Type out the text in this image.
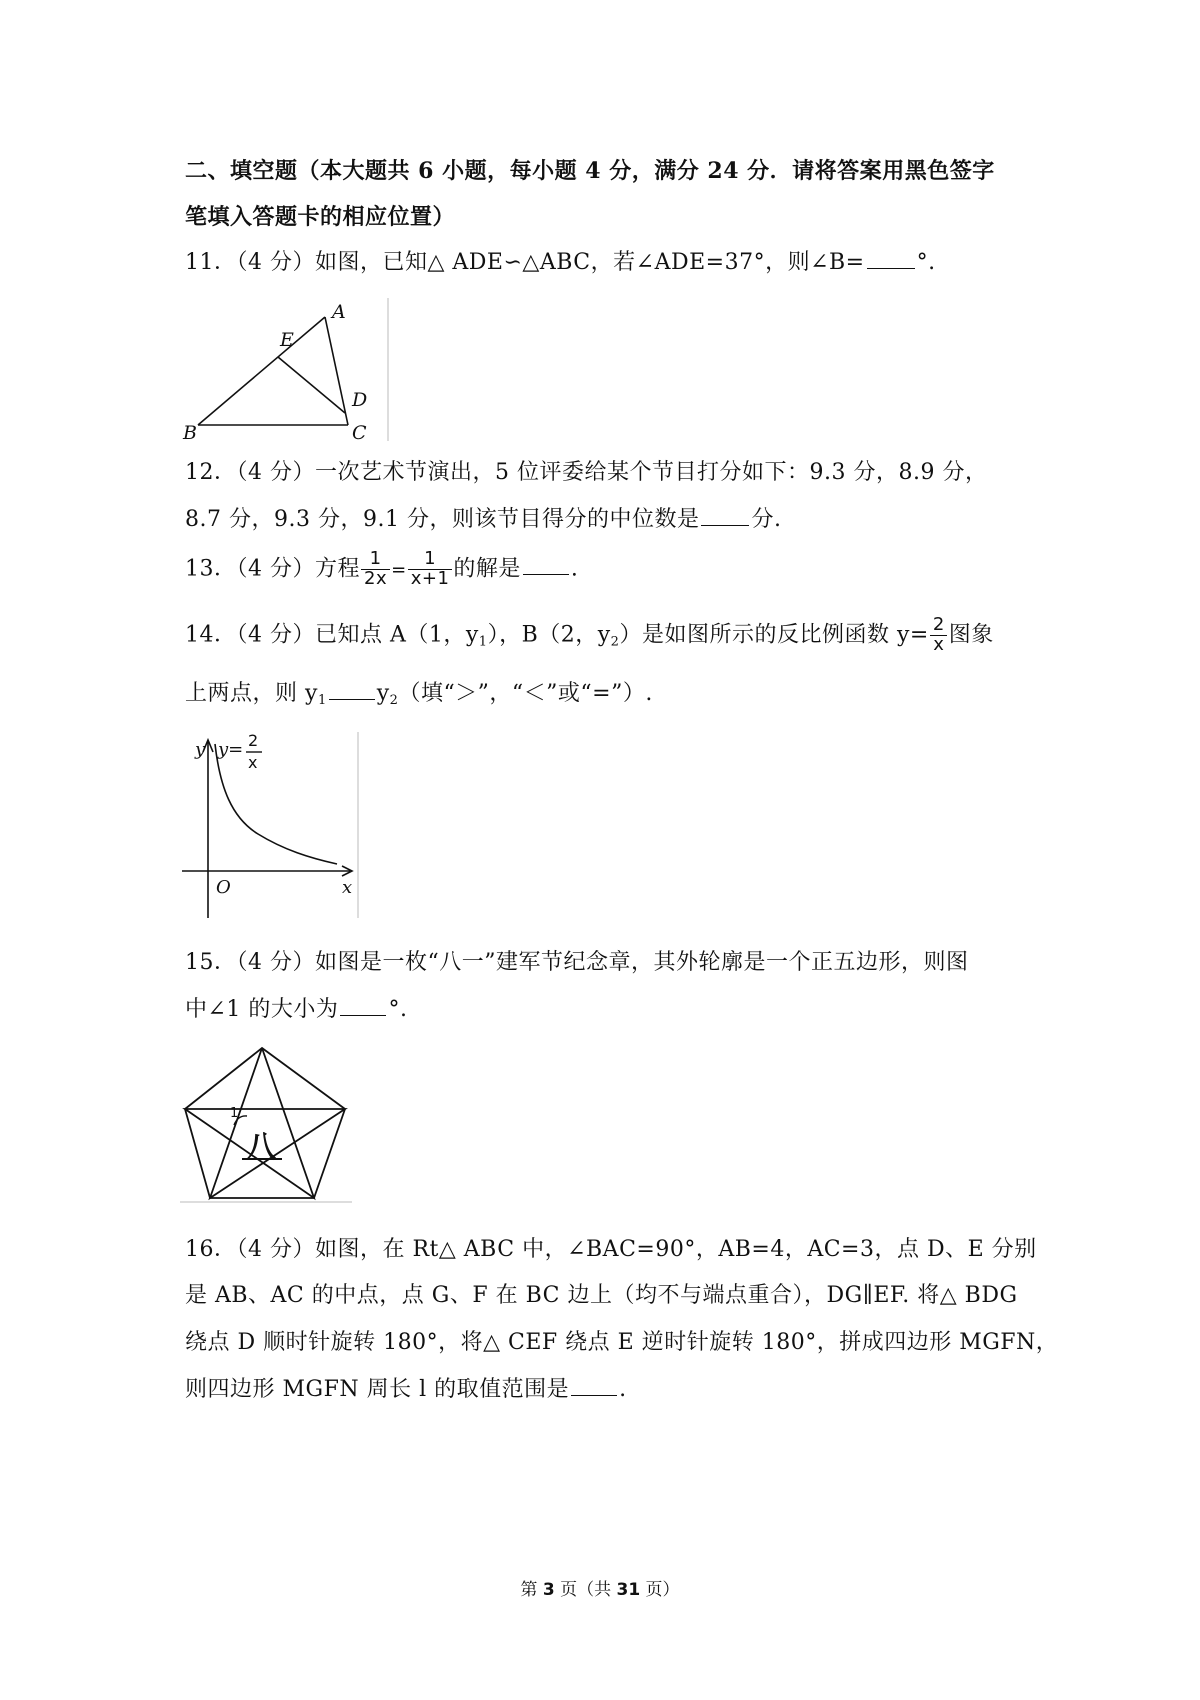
二、填空题（本大题共 6 小题，每小题 4 分，满分 24 分．请将答案用黑色签字
笔填入答题卡的相应位置）
11．（4 分）如图，已知△ ADE∽△ABC，若∠ADE=37°，则∠B= °.
A
E
D
B	C
12．（4 分）一次艺术节演出，5 位评委给某个节目打分如下：9.3 分，8.9 分，
8.7 分，9.3 分，9.1 分，则该节目得分的中位数是 分.
13．（4 分）方程 $\frac{1}{2x} = \frac{1}{x+1}$ 的解是 .
14．（4 分）已知点 A（1，$y_1$），B（2，$y_2$）是如图所示的反比例函数 $y= \frac{2}{x}$ 图象
上两点，则 $y_1$ $y_2$（填“＞”，“＜”或“=”）.
y y=
O	x
2
x
15．（4 分）如图是一枚“八一”建军节纪念章，其外轮廓是一个正五边形，则图
中∠1 的大小为 °.
1
八
16．（4 分）如图，在 Rt△ ABC 中，∠BAC=90°，AB=4，AC=3，点 D、E 分别
是 AB、AC 的中点，点 G、F 在 BC 边上（均不与端点重合），DG∥EF. 将△ BDG
绕点 D 顺时针旋转 180°，将△ CEF 绕点 E 逆时针旋转 180°，拼成四边形 MGFN，
则四边形 MGFN 周长 l 的取值范围是 .
第 3 页（共 31 页）
